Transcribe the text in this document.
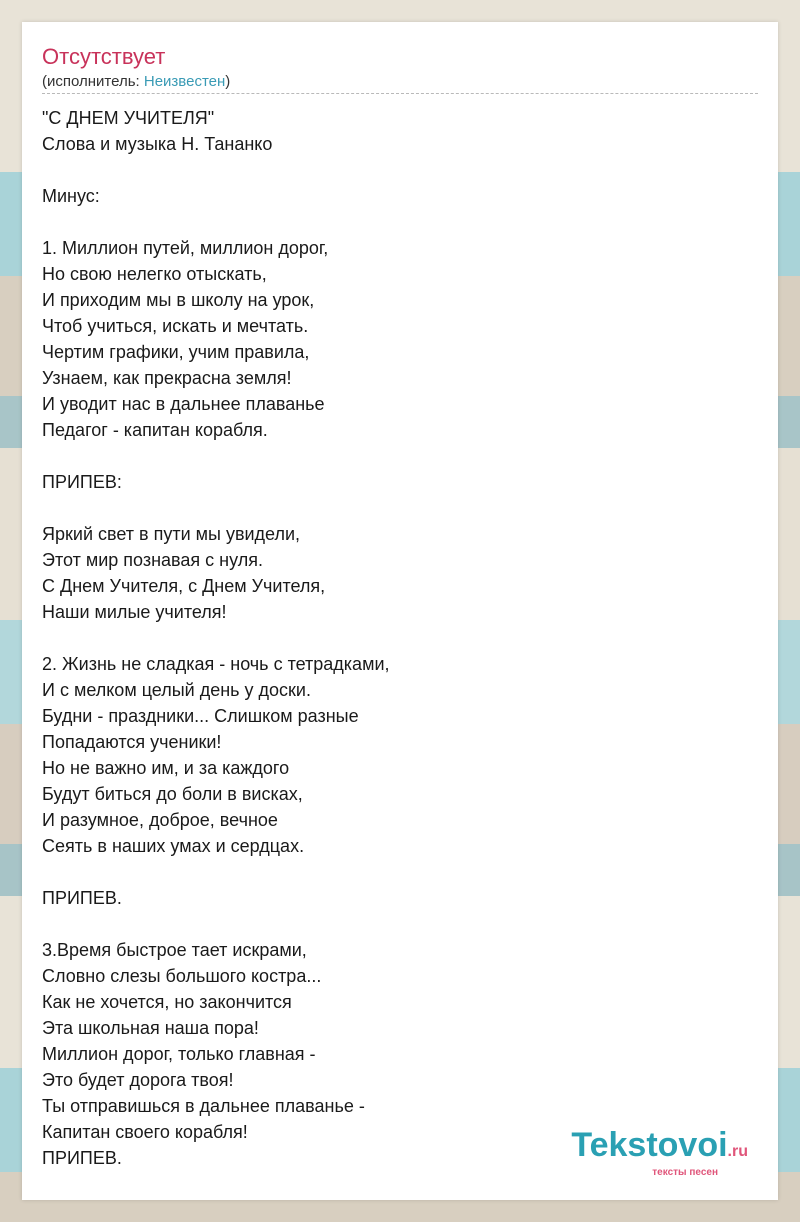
Отсутствует
(исполнитель: Неизвестен)
"С ДНЕМ УЧИТЕЛЯ"
Слова и музыка Н. Тананко

Минус:

1. Миллион путей, миллион дорог,
Но свою нелегко отыскать,
И приходим мы в школу на урок,
Чтоб учиться, искать и мечтать.
Чертим графики, учим правила,
Узнаем, как прекрасна земля!
И уводит нас в дальнее плаванье
Педагог - капитан корабля.

ПРИПЕВ:

Яркий свет в пути мы увидели,
Этот мир познавая с нуля.
С Днем Учителя, с Днем Учителя,
Наши милые учителя!

2. Жизнь не сладкая - ночь с тетрадками,
И с мелком целый день у доски.
Будни - праздники... Слишком разные
Попадаются ученики!
Но не важно им, и за каждого
Будут биться до боли в висках,
И разумное, доброе, вечное
Сеять в наших умах и сердцах.

ПРИПЕВ.

3.Время быстрое тает искрами,
Словно слезы большого костра...
Как не хочется, но закончится
Эта школьная наша пора!
Миллион дорог, только главная -
Это будет дорога твоя!
Ты отправишься в дальнее плаванье -
Капитан своего корабля!
ПРИПЕВ.	Tekstovoi.ru
тексты песен
